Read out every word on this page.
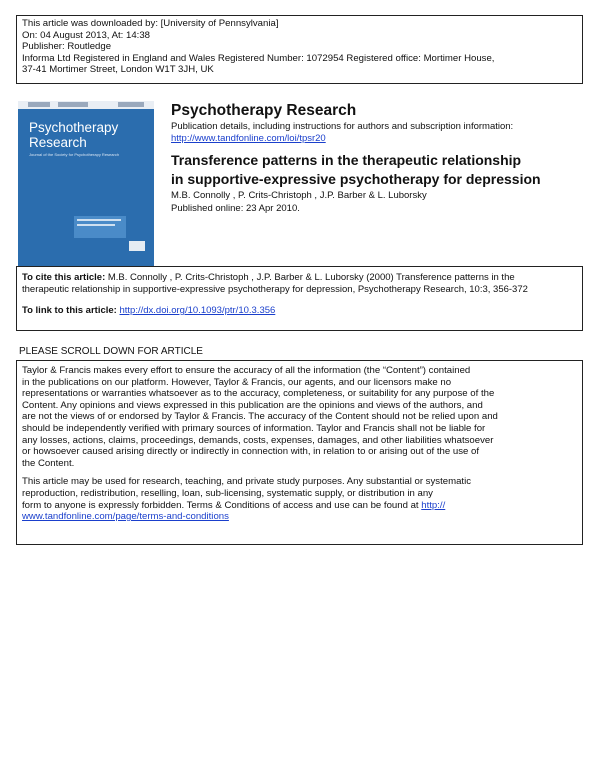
This article was downloaded by: [University of Pennsylvania]
On: 04 August 2013, At: 14:38
Publisher: Routledge
Informa Ltd Registered in England and Wales Registered Number: 1072954 Registered office: Mortimer House,
37-41 Mortimer Street, London W1T 3JH, UK
Psychotherapy
Research
Journal of the Society for Psychotherapy Research
Psychotherapy Research
Publication details, including instructions for authors and subscription information:
http://www.tandfonline.com/loi/tpsr20
Transference patterns in the therapeutic relationship
in supportive-expressive psychotherapy for depression
M.B. Connolly , P. Crits-Christoph , J.P. Barber & L. Luborsky
Published online: 23 Apr 2010.
To cite this article: M.B. Connolly , P. Crits-Christoph , J.P. Barber & L. Luborsky (2000) Transference patterns in the
therapeutic relationship in supportive-expressive psychotherapy for depression, Psychotherapy Research, 10:3, 356-372
To link to this article: http://dx.doi.org/10.1093/ptr/10.3.356
PLEASE SCROLL DOWN FOR ARTICLE
Taylor & Francis makes every effort to ensure the accuracy of all the information (the “Content”) contained
in the publications on our platform. However, Taylor & Francis, our agents, and our licensors make no
representations or warranties whatsoever as to the accuracy, completeness, or suitability for any purpose of the
Content. Any opinions and views expressed in this publication are the opinions and views of the authors, and
are not the views of or endorsed by Taylor & Francis. The accuracy of the Content should not be relied upon and
should be independently verified with primary sources of information. Taylor and Francis shall not be liable for
any losses, actions, claims, proceedings, demands, costs, expenses, damages, and other liabilities whatsoever
or howsoever caused arising directly or indirectly in connection with, in relation to or arising out of the use of
the Content.
This article may be used for research, teaching, and private study purposes. Any substantial or systematic
reproduction, redistribution, reselling, loan, sub-licensing, systematic supply, or distribution in any
form to anyone is expressly forbidden. Terms & Conditions of access and use can be found at http://
www.tandfonline.com/page/terms-and-conditions
